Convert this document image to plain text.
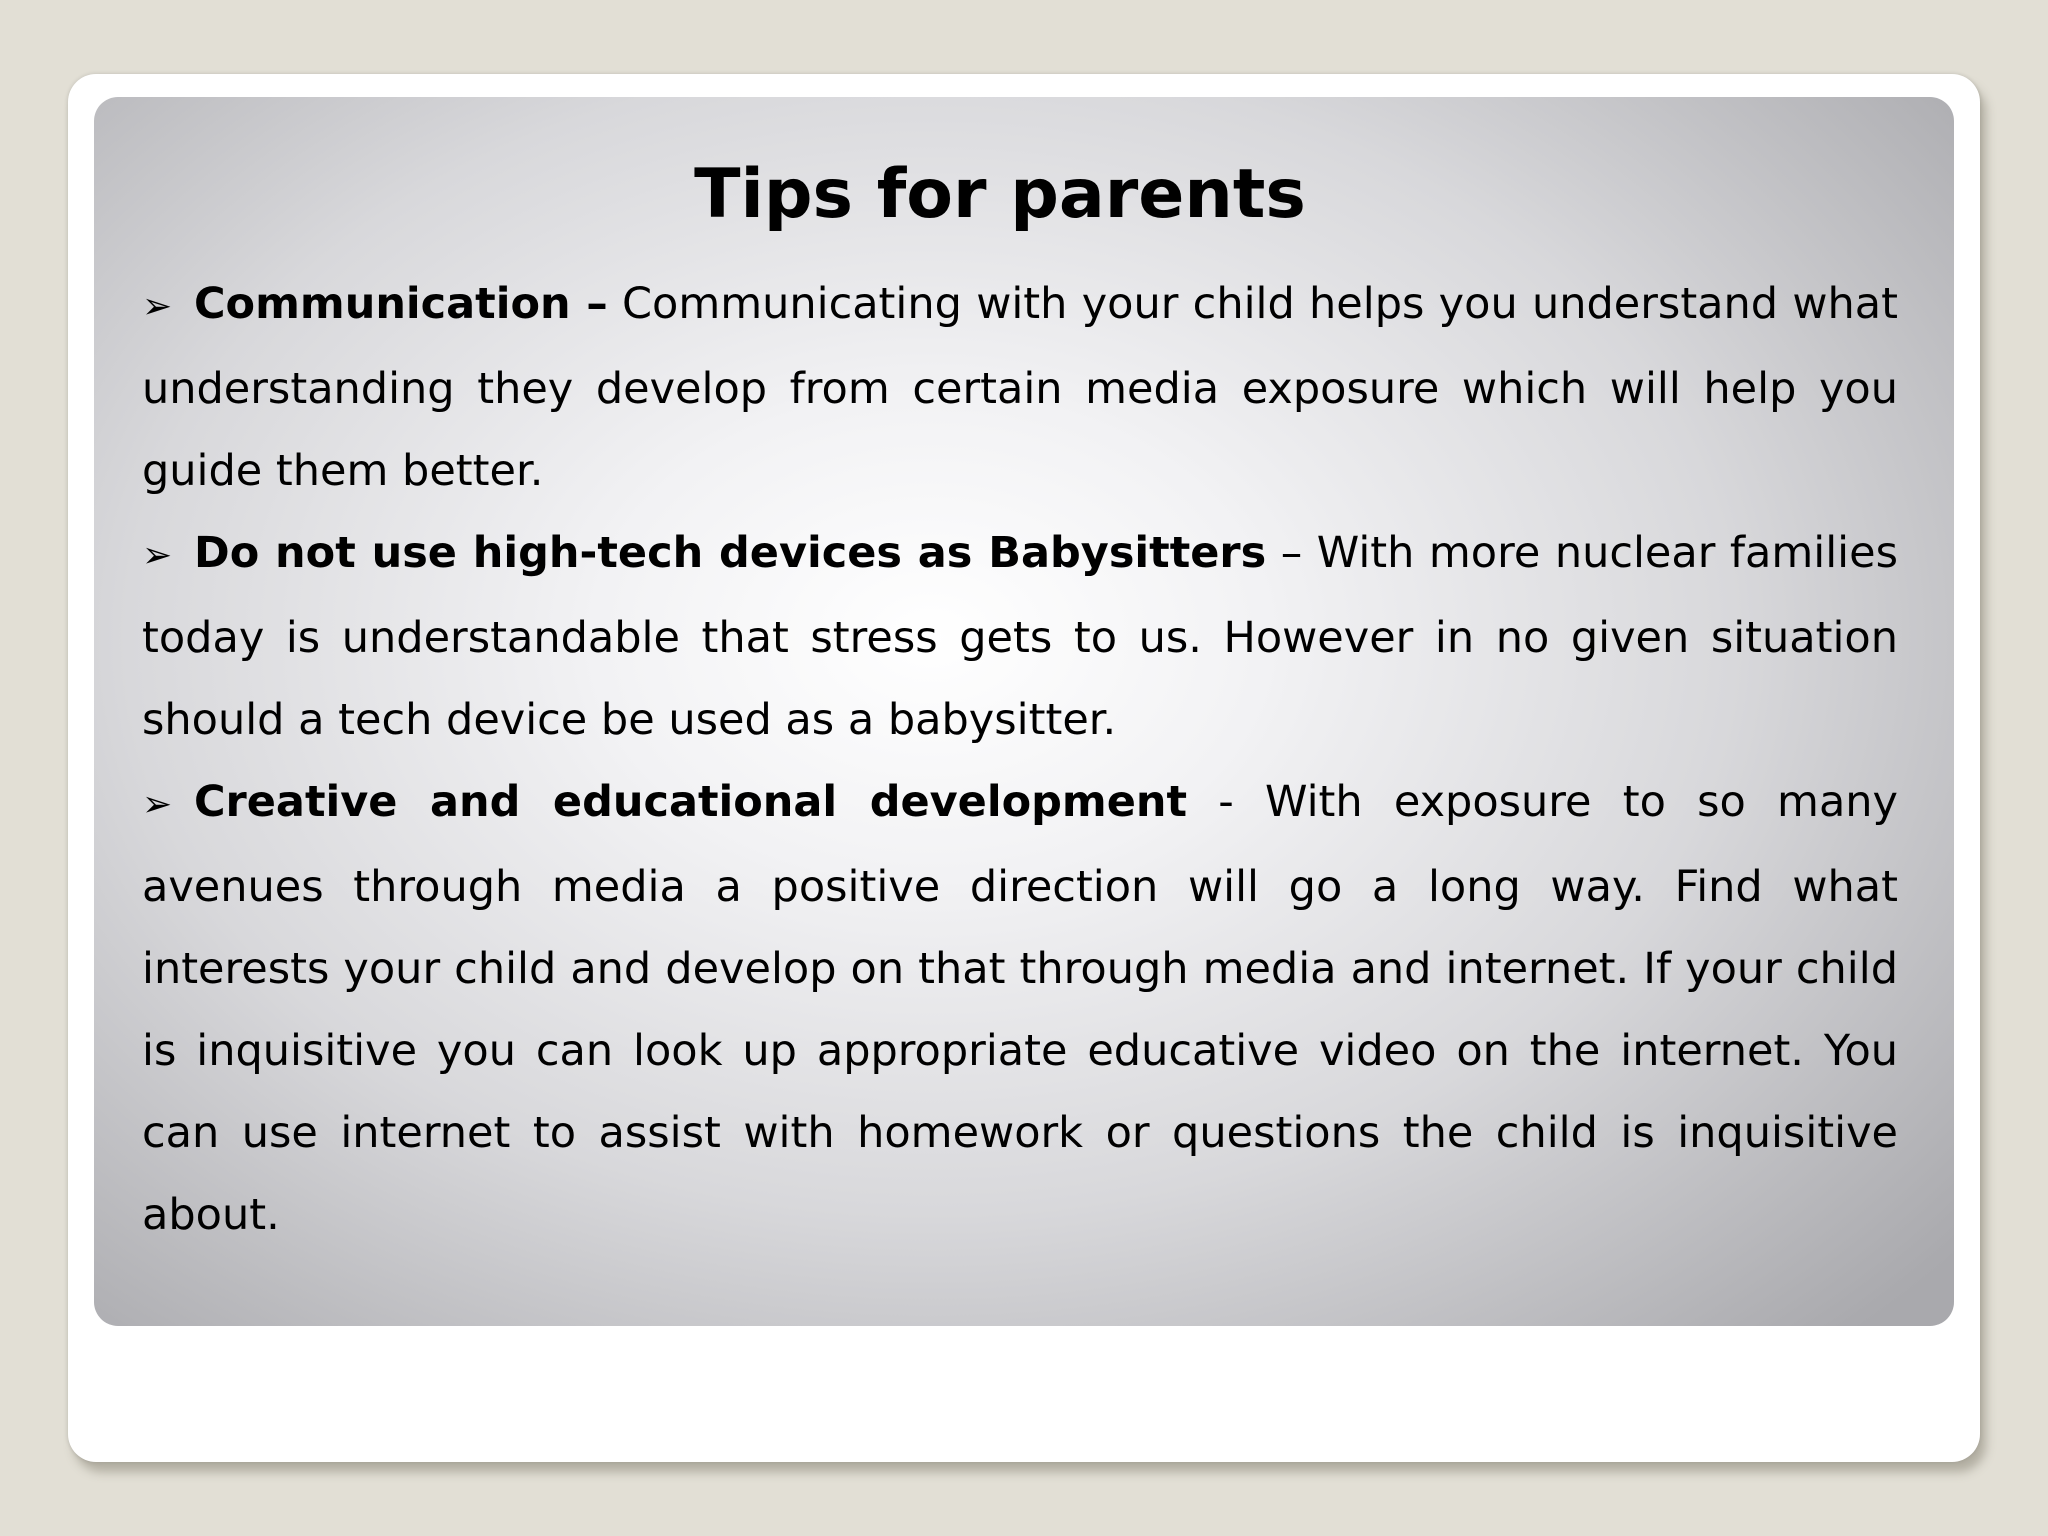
Tips for parents
➢ Communication – Communicating with your child helps you understand what understanding they develop from certain media exposure which will help you guide them better.
➢ Do not use high-tech devices as Babysitters – With more nuclear families today is understandable that stress gets to us. However in no given situation should a tech device be used as a babysitter.
➢ Creative and educational development - With exposure to so many avenues through media a positive direction will go a long way. Find what interests your child and develop on that through media and internet. If your child is inquisitive you can look up appropriate educative video on the internet. You can use internet to assist with homework or questions the child is inquisitive about.
